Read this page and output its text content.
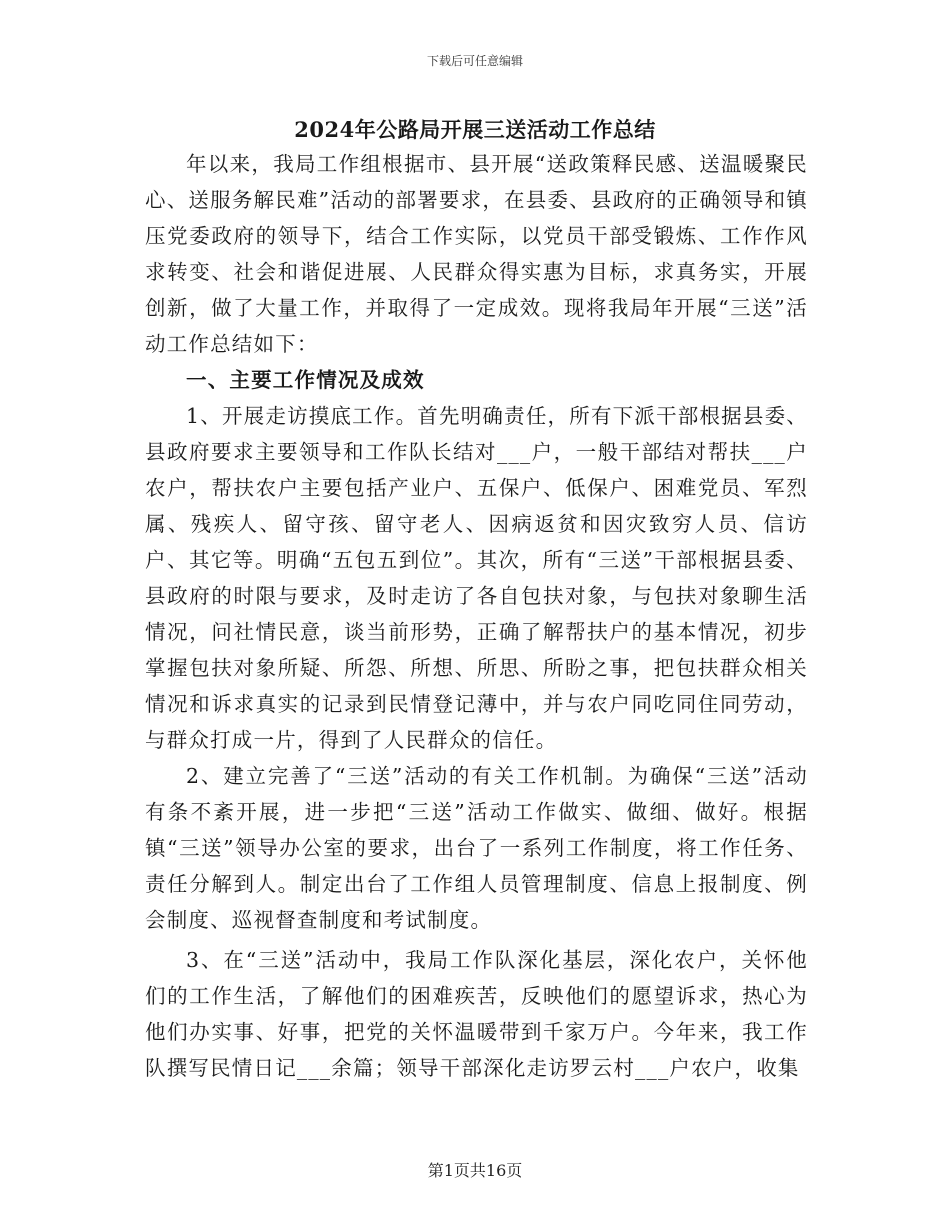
下载后可任意编辑
2024年公路局开展三送活动工作总结

年以来，我局工作组根据市、县开展“送政策释民感、送温暖聚民心、送服务解民难”活动的部署要求，在县委、县政府的正确领导和镇压党委政府的领导下，结合工作实际，以党员干部受锻炼、工作作风求转变、社会和谐促进展、人民群众得实惠为目标，求真务实，开展创新，做了大量工作，并取得了一定成效。现将我局年开展“三送”活动工作总结如下：

一、主要工作情况及成效

1、开展走访摸底工作。首先明确责任，所有下派干部根据县委、县政府要求主要领导和工作队长结对___户，一般干部结对帮扶___户农户，帮扶农户主要包括产业户、五保户、低保户、困难党员、军烈属、残疾人、留守孩、留守老人、因病返贫和因灾致穷人员、信访户、其它等。明确“五包五到位”。其次，所有“三送”干部根据县委、县政府的时限与要求，及时走访了各自包扶对象，与包扶对象聊生活情况，问社情民意，谈当前形势，正确了解帮扶户的基本情况，初步掌握包扶对象所疑、所怨、所想、所思、所盼之事，把包扶群众相关情况和诉求真实的记录到民情登记薄中，并与农户同吃同住同劳动，与群众打成一片，得到了人民群众的信任。

2、建立完善了“三送”活动的有关工作机制。为确保“三送”活动有条不紊开展，进一步把“三送”活动工作做实、做细、做好。根据镇“三送”领导办公室的要求，出台了一系列工作制度，将工作任务、责任分解到人。制定出台了工作组人员管理制度、信息上报制度、例会制度、巡视督查制度和考试制度。

3、在“三送”活动中，我局工作队深化基层，深化农户，关怀他们的工作生活，了解他们的困难疾苦，反映他们的愿望诉求，热心为他们办实事、好事，把党的关怀温暖带到千家万户。今年来，我工作队撰写民情日记___余篇；领导干部深化走访罗云村___户农户，收集

第1页共16页
